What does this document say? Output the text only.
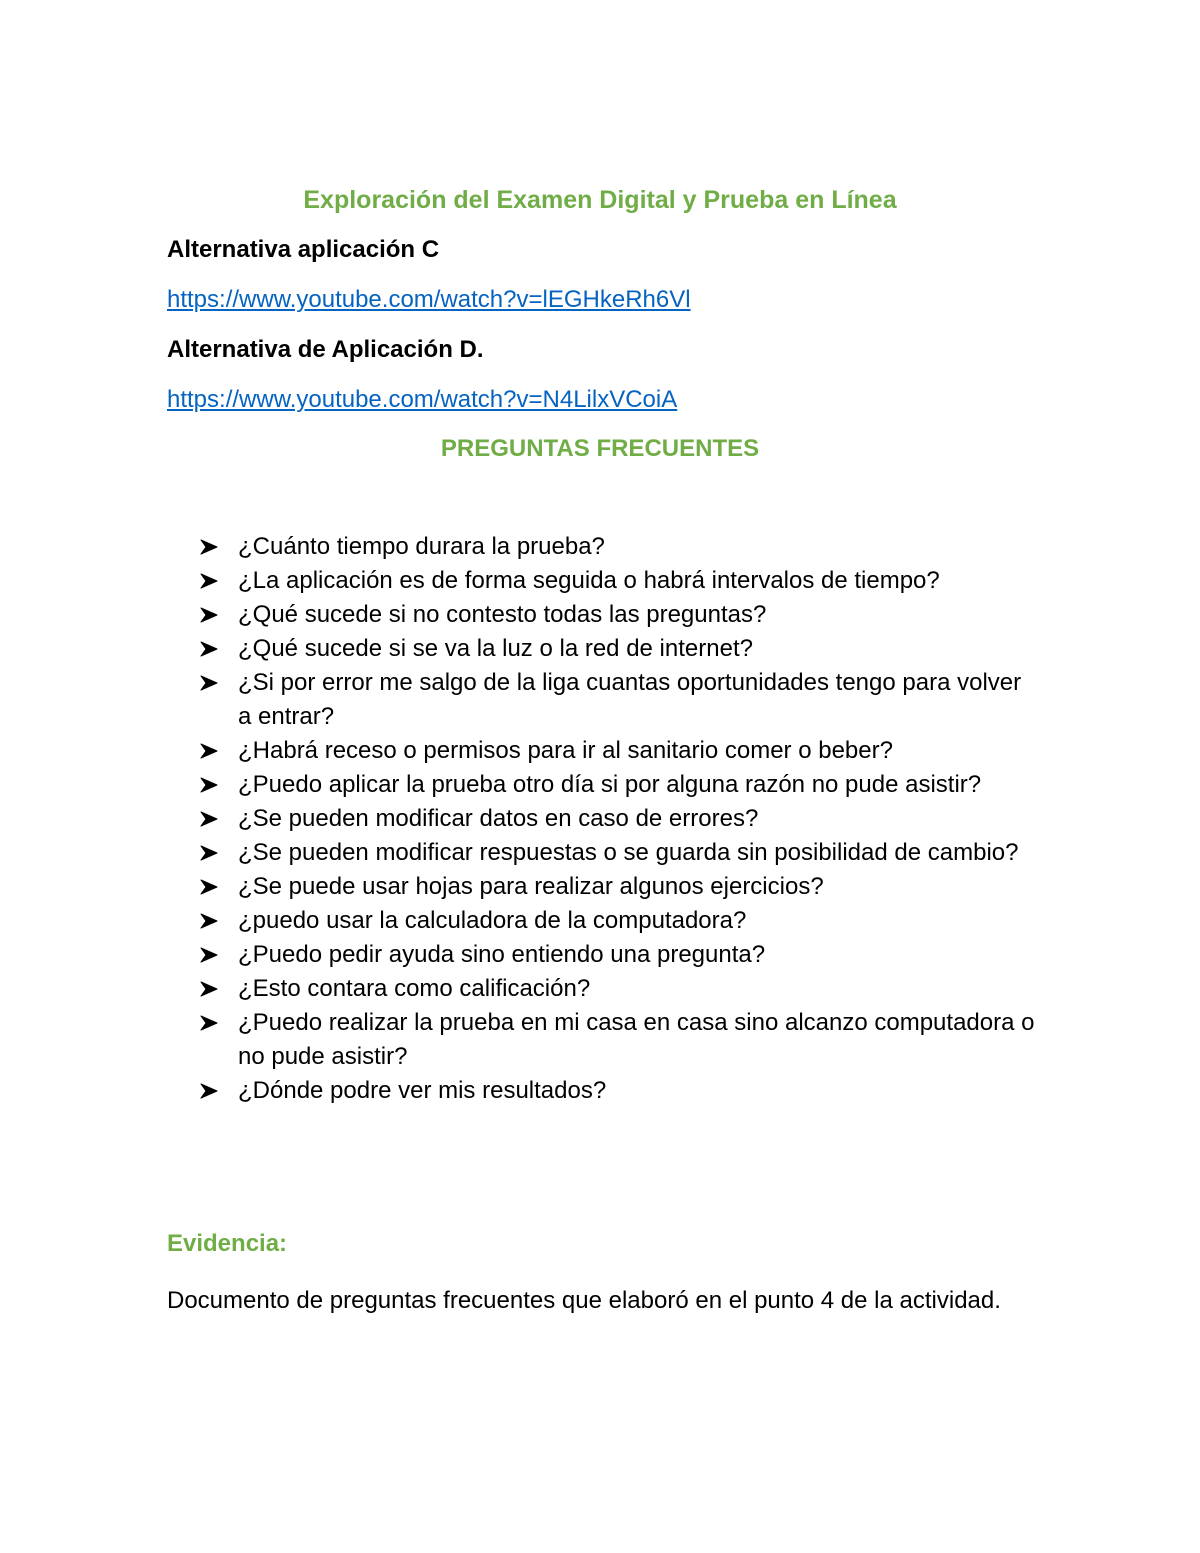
Exploración del Examen Digital y Prueba en Línea
Alternativa aplicación C
https://www.youtube.com/watch?v=lEGHkeRh6Vl
Alternativa de Aplicación D.
https://www.youtube.com/watch?v=N4LilxVCoiA
PREGUNTAS FRECUENTES
¿Cuánto tiempo durara la prueba?
¿La aplicación es de forma seguida o habrá intervalos de tiempo?
¿Qué sucede si no contesto todas las preguntas?
¿Qué sucede si se va la luz o la red de internet?
¿Si por error me salgo de la liga cuantas oportunidades tengo para volver a entrar?
¿Habrá receso o permisos para ir al sanitario comer o beber?
¿Puedo aplicar la prueba otro día si por alguna razón no pude asistir?
¿Se pueden modificar datos en caso de errores?
¿Se pueden modificar respuestas o se guarda sin posibilidad de cambio?
¿Se puede usar hojas para realizar algunos ejercicios?
¿puedo usar la calculadora de la computadora?
¿Puedo pedir ayuda sino entiendo una pregunta?
¿Esto contara como calificación?
¿Puedo realizar la prueba en mi casa en casa sino alcanzo computadora o no pude asistir?
¿Dónde podre ver mis resultados?
Evidencia:
Documento de preguntas frecuentes que elaboró en el punto 4 de la actividad.
